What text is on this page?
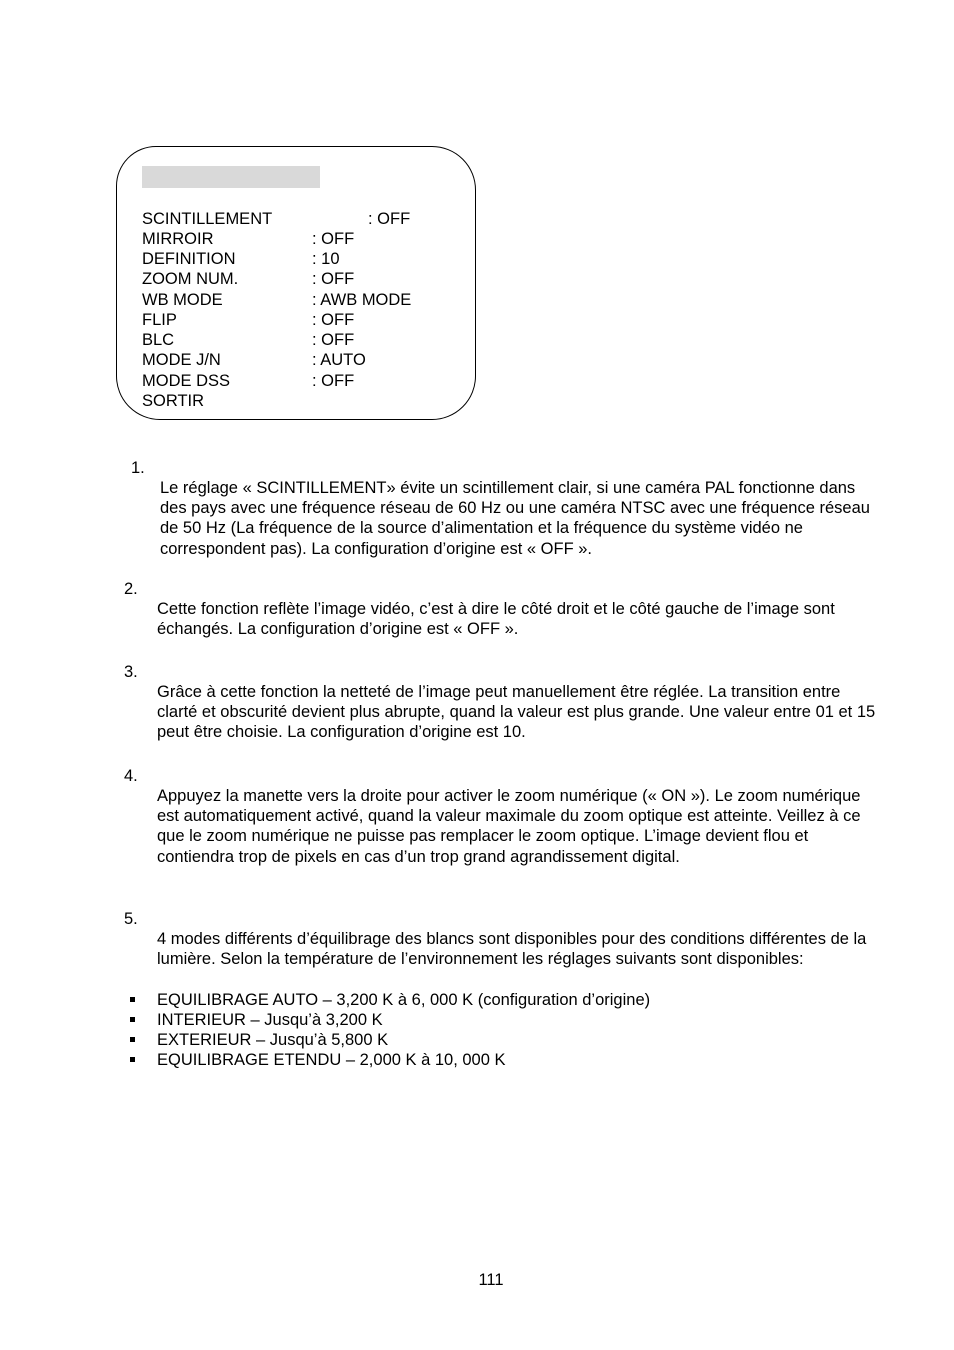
SCINTILLEMENT	: OFF
MIRROIR	: OFF
DEFINITION	: 10
ZOOM NUM.	: OFF
WB MODE	: AWB MODE
FLIP	: OFF
BLC	: OFF
MODE J/N	: AUTO
MODE DSS	: OFF
SORTIR
1.
Le réglage « SCINTILLEMENT» évite un scintillement clair, si une caméra PAL fonctionne dans des pays avec une fréquence réseau de 60 Hz ou une caméra NTSC avec une fréquence réseau de 50 Hz (La fréquence de la source d’alimentation et la fréquence du système vidéo ne correspondent pas). La configuration d’origine est « OFF ».
2.
Cette fonction reflète l’image vidéo, c’est à dire le côté droit et le côté gauche de l’image sont échangés. La configuration d’origine est « OFF ».
3.
Grâce à cette fonction la netteté de l’image peut manuellement être réglée. La transition entre clarté et obscurité devient plus abrupte, quand la valeur est plus grande. Une valeur entre 01 et 15 peut être choisie. La configuration d’origine est 10.
4.
Appuyez la manette vers la droite pour activer le zoom numérique (« ON »). Le zoom numérique est automatiquement activé, quand la valeur maximale du zoom optique est atteinte. Veillez à ce que le zoom numérique ne puisse pas remplacer le zoom optique. L’image devient flou et contiendra trop de pixels en cas d’un trop grand agrandissement digital.
5.
4 modes différents d’équilibrage des blancs sont disponibles pour des conditions différentes de la lumière. Selon la température de l’environnement les réglages suivants sont disponibles:
EQUILIBRAGE AUTO – 3,200 K à 6, 000 K (configuration d’origine)
INTERIEUR – Jusqu’à 3,200 K
EXTERIEUR – Jusqu’à 5,800 K
EQUILIBRAGE ETENDU – 2,000 K à 10, 000 K
111
